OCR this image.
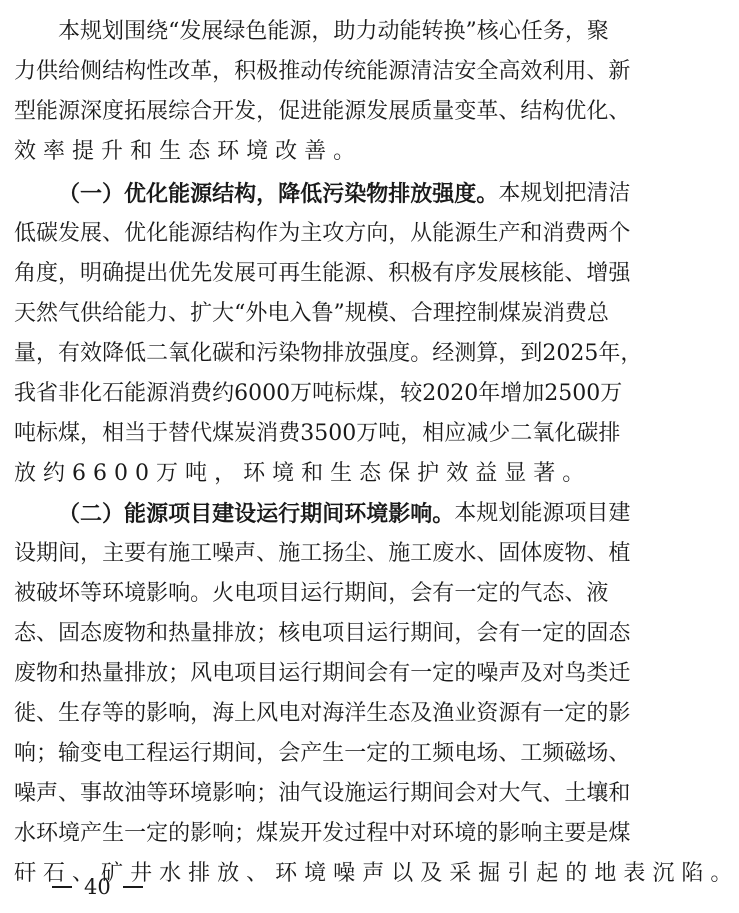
本 规 划 围 绕 “ 发 展 绿 色 能 源 ， 助 力 动 能 转 换 ” 核 心 任 务 ， 聚
力 供 给 侧 结 构 性 改 革 ， 积 极 推 动 传 统 能 源 清 洁 安 全 高 效 利 用 、 新
型 能 源 深 度 拓 展 综 合 开 发 ， 促 进 能 源 发 展 质 量 变 革 、 结 构 优 化 、
效 率 提 升 和 生 态 环 境 改 善 。
（ 一 ） 优 化 能 源 结 构 ， 降 低 污 染 物 排 放 强 度 。 本 规 划 把 清 洁
低 碳 发 展 、 优 化 能 源 结 构 作 为 主 攻 方 向 ， 从 能 源 生 产 和 消 费 两 个
角 度 ， 明 确 提 出 优 先 发 展 可 再 生 能 源 、 积 极 有 序 发 展 核 能 、 增 强
天 然 气 供 给 能 力 、 扩 大 “ 外 电 入 鲁 ” 规 模 、 合 理 控 制 煤 炭 消 费 总
量 ， 有 效 降 低 二 氧 化 碳 和 污 染 物 排 放 强 度 。 经 测 算 ， 到 2025 年 ，
我 省 非 化 石 能 源 消 费 约 6000 万 吨 标 煤 ， 较 2020 年 增 加 2500 万
吨 标 煤 ， 相 当 于 替 代 煤 炭 消 费 3500 万 吨 ， 相 应 减 少 二 氧 化 碳 排
放 约 6600 万 吨 ， 环 境 和 生 态 保 护 效 益 显 著 。
（ 二 ） 能 源 项 目 建 设 运 行 期 间 环 境 影 响 。 本 规 划 能 源 项 目 建
设 期 间 ， 主 要 有 施 工 噪 声 、 施 工 扬 尘 、 施 工 废 水 、 固 体 废 物 、 植
被 破 坏 等 环 境 影 响 。 火 电 项 目 运 行 期 间 ， 会 有 一 定 的 气 态 、 液
态 、 固 态 废 物 和 热 量 排 放 ； 核 电 项 目 运 行 期 间 ， 会 有 一 定 的 固 态
废 物 和 热 量 排 放 ； 风 电 项 目 运 行 期 间 会 有 一 定 的 噪 声 及 对 鸟 类 迁
徙 、 生 存 等 的 影 响 ， 海 上 风 电 对 海 洋 生 态 及 渔 业 资 源 有 一 定 的 影
响 ； 输 变 电 工 程 运 行 期 间 ， 会 产 生 一 定 的 工 频 电 场 、 工 频 磁 场 、
噪 声 、 事 故 油 等 环 境 影 响 ； 油 气 设 施 运 行 期 间 会 对 大 气 、 土 壤 和
水 环 境 产 生 一 定 的 影 响 ； 煤 炭 开 发 过 程 中 对 环 境 的 影 响 主 要 是 煤
矸 石 、 矿 井 水 排 放 、 环 境 噪 声 以 及 采 掘 引 起 的 地 表 沉 陷 。
40
